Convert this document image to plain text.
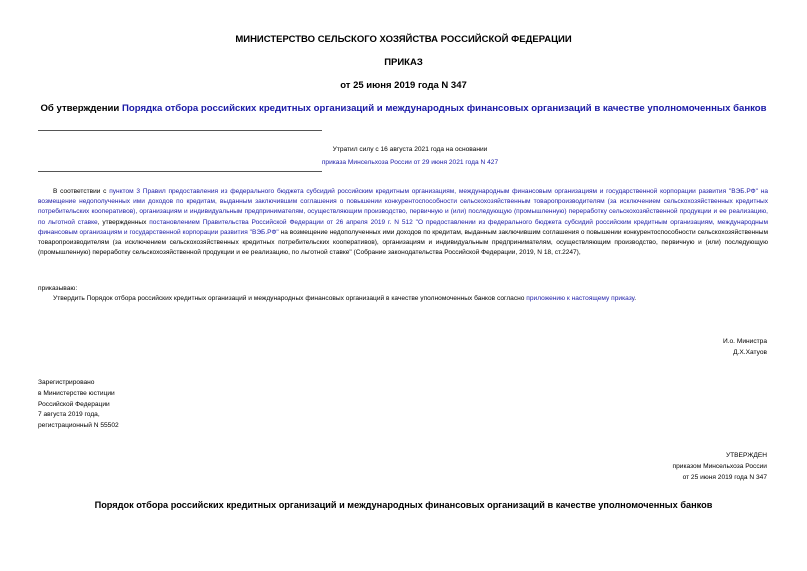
МИНИСТЕРСТВО СЕЛЬСКОГО ХОЗЯЙСТВА РОССИЙСКОЙ ФЕДЕРАЦИИ
ПРИКАЗ
от 25 июня 2019 года N 347
Об утверждении Порядка отбора российских кредитных организаций и международных финансовых организаций в качестве уполномоченных банков
Утратил силу с 16 августа 2021 года на основании
приказа Минсельхоза России от 29 июня 2021 года N 427
В соответствии с пунктом 3 Правил предоставления из федерального бюджета субсидий российским кредитным организациям, международным финансовым организациям и государственной корпорации развития "ВЭБ.РФ" на возмещение недополученных ими доходов по кредитам, выданным заключившим соглашения о повышении конкурентоспособности сельскохозяйственным товаропроизводителям (за исключением сельскохозяйственных кредитных потребительских кооперативов), организациям и индивидуальным предпринимателям, осуществляющим производство, первичную и (или) последующую (промышленную) переработку сельскохозяйственной продукции и ее реализацию, по льготной ставке, утвержденных постановлением Правительства Российской Федерации от 26 апреля 2019 г. N 512 "О предоставлении из федерального бюджета субсидий российским кредитным организациям, международным финансовым организациям и государственной корпорации развития "ВЭБ.РФ" на возмещение недополученных ими доходов по кредитам, выданным заключившим соглашения о повышении конкурентоспособности сельскохозяйственным товаропроизводителям (за исключением сельскохозяйственных кредитных потребительских кооперативов), организациям и индивидуальным предпринимателям, осуществляющим производство, первичную и (или) последующую (промышленную) переработку сельскохозяйственной продукции и ее реализацию, по льготной ставке" (Собрание законодательства Российской Федерации, 2019, N 18, ст.2247),
приказываю:
Утвердить Порядок отбора российских кредитных организаций и международных финансовых организаций в качестве уполномоченных банков согласно приложению к настоящему приказу.
И.о. Министра
Д.Х.Хатуов
Зарегистрировано
в Министерстве юстиции
Российской Федерации
7 августа 2019 года,
регистрационный N 55502
УТВЕРЖДЕН
приказом Минсельхоза России
от 25 июня 2019 года N 347
Порядок отбора российских кредитных организаций и международных финансовых организаций в качестве уполномоченных банков
